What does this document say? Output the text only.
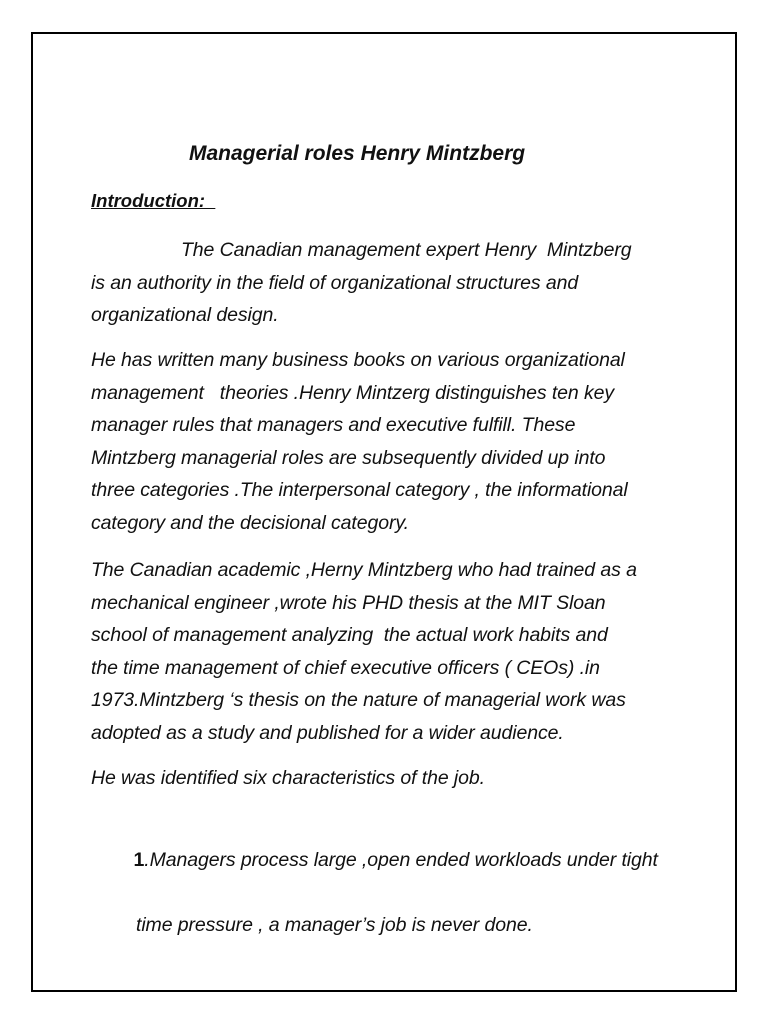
Managerial roles Henry Mintzberg
Introduction:

The Canadian management expert Henry  Mintzberg
is an authority in the field of organizational structures and
organizational design.

He has written many business books on various organizational
management   theories .Henry Mintzerg distinguishes ten key
manager rules that managers and executive fulfill. These
Mintzberg managerial roles are subsequently divided up into
three categories .The interpersonal category , the informational
category and the decisional category.

The Canadian academic ,Herny Mintzberg who had trained as a
mechanical engineer ,wrote his PHD thesis at the MIT Sloan
school of management analyzing  the actual work habits and
the time management of chief executive officers ( CEOs) .in
1973.Mintzberg ‘s thesis on the nature of managerial work was
adopted as a study and published for a wider audience.

He was identified six characteristics of the job.

1.Managers process large ,open ended workloads under tight

time pressure , a manager’s job is never done.
